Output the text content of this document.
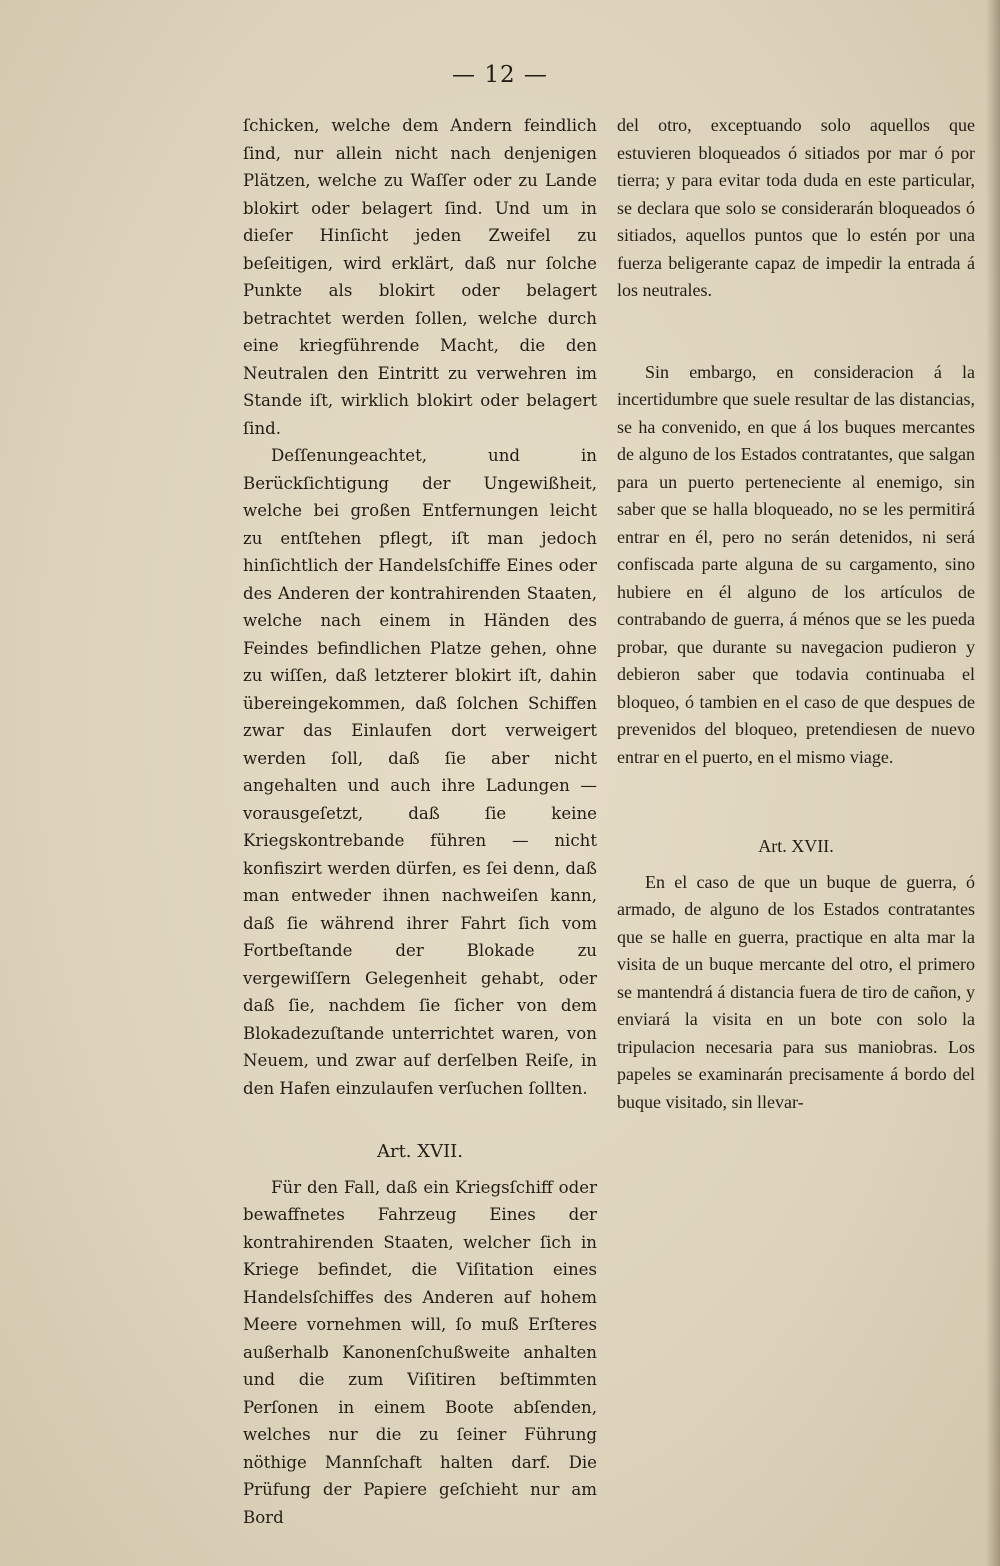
— 12 —

ſchicken, welche dem Andern feindlich ſind, nur allein nicht nach denjenigen Plätzen, welche zu Waſſer oder zu Lande blokirt oder belagert ſind. Und um in dieſer Hinſicht jeden Zweifel zu beſeitigen, wird erklärt, daß nur ſolche Punkte als blokirt oder belagert betrachtet werden ſollen, welche durch eine kriegführende Macht, die den Neutralen den Eintritt zu verwehren im Stande iſt, wirklich blokirt oder belagert ſind.

Deſſenungeachtet, und in Berückſichtigung der Ungewißheit, welche bei großen Entfernungen leicht zu entſtehen pflegt, iſt man jedoch hinſichtlich der Handelsſchiffe Eines oder des Anderen der kontrahirenden Staaten, welche nach einem in Händen des Feindes befindlichen Platze gehen, ohne zu wiſſen, daß letzterer blokirt iſt, dahin übereingekommen, daß ſolchen Schiffen zwar das Einlaufen dort verweigert werden ſoll, daß ſie aber nicht angehalten und auch ihre Ladungen — vorausgeſetzt, daß ſie keine Kriegskontrebande führen — nicht konfiszirt werden dürfen, es ſei denn, daß man entweder ihnen nachweiſen kann, daß ſie während ihrer Fahrt ſich vom Fortbeſtande der Blokade zu vergewiſſern Gelegenheit gehabt, oder daß ſie, nachdem ſie ſicher von dem Blokadezuſtande unterrichtet waren, von Neuem, und zwar auf derſelben Reiſe, in den Hafen einzulaufen verſuchen ſollten.

Art. XVII.

Für den Fall, daß ein Kriegsſchiff oder bewaffnetes Fahrzeug Eines der kontrahirenden Staaten, welcher ſich in Kriege befindet, die Viſitation eines Handelsſchiffes des Anderen auf hohem Meere vornehmen will, ſo muß Erſteres außerhalb Kanonenſchußweite anhalten und die zum Viſitiren beſtimmten Perſonen in einem Boote abſenden, welches nur die zu ſeiner Führung nöthige Mannſchaft halten darf. Die Prüfung der Papiere geſchieht nur am Bord

del otro, exceptuando solo aquellos que estuvieren bloqueados ó sitiados por mar ó por tierra; y para evitar toda duda en este particular, se declara que solo se considerarán bloqueados ó sitiados, aquellos puntos que lo estén por una fuerza beligerante capaz de impedir la entrada á los neutrales.

Sin embargo, en consideracion á la incertidumbre que suele resultar de las distancias, se ha convenido, en que á los buques mercantes de alguno de los Estados contratantes, que salgan para un puerto perteneciente al enemigo, sin saber que se halla bloqueado, no se les permitirá entrar en él, pero no serán detenidos, ni será confiscada parte alguna de su cargamento, sino hubiere en él alguno de los artículos de contrabando de guerra, á ménos que se les pueda probar, que durante su navegacion pudieron y debieron saber que todavia continuaba el bloqueo, ó tambien en el caso de que despues de prevenidos del bloqueo, pretendiesen de nuevo entrar en el puerto, en el mismo viage.

Art. XVII.

En el caso de que un buque de guerra, ó armado, de alguno de los Estados contratantes que se halle en guerra, practique en alta mar la visita de un buque mercante del otro, el primero se mantendrá á distancia fuera de tiro de cañon, y enviará la visita en un bote con solo la tripulacion necesaria para sus maniobras. Los papeles se examinarán precisamente á bordo del buque visitado, sin llevar-
